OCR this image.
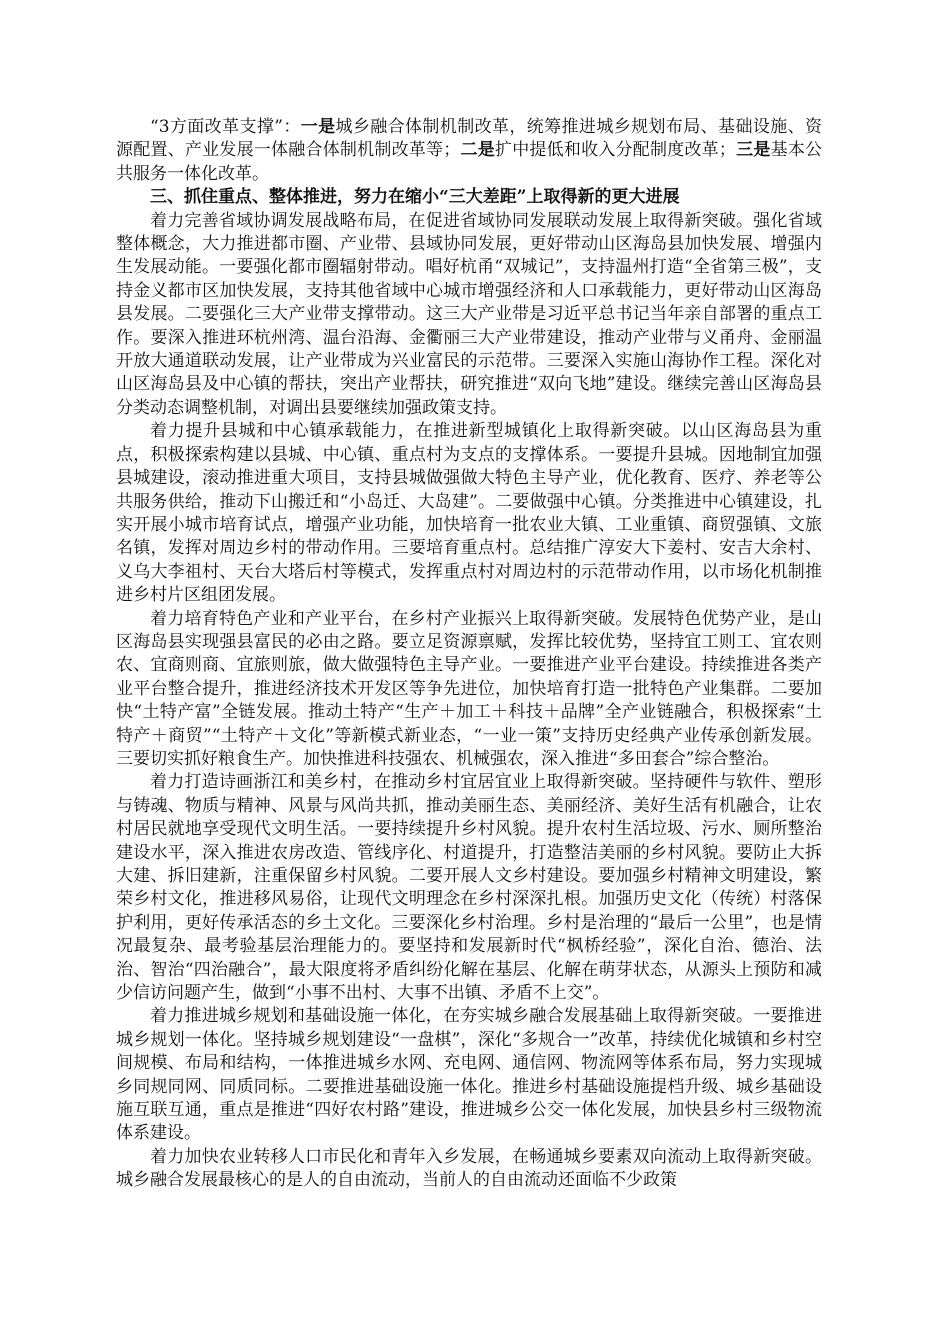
“3方面改革支撑”：一是城乡融合体制机制改革，统筹推进城乡规划布局、基础设施、资源配置、产业发展一体融合体制机制改革等；二是扩中提低和收入分配制度改革；三是基本公共服务一体化改革。

三、抓住重点、整体推进，努力在缩小“三大差距”上取得新的更大进展

着力完善省域协调发展战略布局，在促进省域协同发展联动发展上取得新突破。强化省域整体概念，大力推进都市圈、产业带、县域协同发展，更好带动山区海岛县加快发展、增强内生发展动能。一要强化都市圈辐射带动。唱好杭甬“双城记”，支持温州打造“全省第三极”，支持金义都市区加快发展，支持其他省域中心城市增强经济和人口承载能力，更好带动山区海岛县发展。二要强化三大产业带支撑带动。这三大产业带是习近平总书记当年亲自部署的重点工作。要深入推进环杭州湾、温台沿海、金衢丽三大产业带建设，推动产业带与义甬舟、金丽温开放大通道联动发展，让产业带成为兴业富民的示范带。三要深入实施山海协作工程。深化对山区海岛县及中心镇的帮扶，突出产业帮扶，研究推进“双向飞地”建设。继续完善山区海岛县分类动态调整机制，对调出县要继续加强政策支持。

着力提升县城和中心镇承载能力，在推进新型城镇化上取得新突破。以山区海岛县为重点，积极探索构建以县城、中心镇、重点村为支点的支撑体系。一要提升县城。因地制宜加强县城建设，滚动推进重大项目，支持县城做强做大特色主导产业，优化教育、医疗、养老等公共服务供给，推动下山搬迁和“小岛迁、大岛建”。二要做强中心镇。分类推进中心镇建设，扎实开展小城市培育试点，增强产业功能，加快培育一批农业大镇、工业重镇、商贸强镇、文旅名镇，发挥对周边乡村的带动作用。三要培育重点村。总结推广淳安大下姜村、安吉大余村、义乌大李祖村、天台大塔后村等模式，发挥重点村对周边村的示范带动作用，以市场化机制推进乡村片区组团发展。

着力培育特色产业和产业平台，在乡村产业振兴上取得新突破。发展特色优势产业，是山区海岛县实现强县富民的必由之路。要立足资源禀赋，发挥比较优势，坚持宜工则工、宜农则农、宜商则商、宜旅则旅，做大做强特色主导产业。一要推进产业平台建设。持续推进各类产业平台整合提升，推进经济技术开发区等争先进位，加快培育打造一批特色产业集群。二要加快“土特产富”全链发展。推动土特产“生产＋加工＋科技＋品牌”全产业链融合，积极探索“土特产＋商贸”“土特产＋文化”等新模式新业态，“一业一策”支持历史经典产业传承创新发展。三要切实抓好粮食生产。加快推进科技强农、机械强农，深入推进“多田套合”综合整治。

着力打造诗画浙江和美乡村，在推动乡村宜居宜业上取得新突破。坚持硬件与软件、塑形与铸魂、物质与精神、风景与风尚共抓，推动美丽生态、美丽经济、美好生活有机融合，让农村居民就地享受现代文明生活。一要持续提升乡村风貌。提升农村生活垃圾、污水、厕所整治建设水平，深入推进农房改造、管线序化、村道提升，打造整洁美丽的乡村风貌。要防止大拆大建、拆旧建新，注重保留乡村风貌。二要开展人文乡村建设。要加强乡村精神文明建设，繁荣乡村文化，推进移风易俗，让现代文明理念在乡村深深扎根。加强历史文化（传统）村落保护利用，更好传承活态的乡土文化。三要深化乡村治理。乡村是治理的“最后一公里”，也是情况最复杂、最考验基层治理能力的。要坚持和发展新时代“枫桥经验”，深化自治、德治、法治、智治“四治融合”，最大限度将矛盾纠纷化解在基层、化解在萌芽状态，从源头上预防和减少信访问题产生，做到“小事不出村、大事不出镇、矛盾不上交”。

着力推进城乡规划和基础设施一体化，在夯实城乡融合发展基础上取得新突破。一要推进城乡规划一体化。坚持城乡规划建设“一盘棋”，深化“多规合一”改革，持续优化城镇和乡村空间规模、布局和结构，一体推进城乡水网、充电网、通信网、物流网等体系布局，努力实现城乡同规同网、同质同标。二要推进基础设施一体化。推进乡村基础设施提档升级、城乡基础设施互联互通，重点是推进“四好农村路”建设，推进城乡公交一体化发展，加快县乡村三级物流体系建设。

着力加快农业转移人口市民化和青年入乡发展，在畅通城乡要素双向流动上取得新突破。城乡融合发展最核心的是人的自由流动，当前人的自由流动还面临不少政策
